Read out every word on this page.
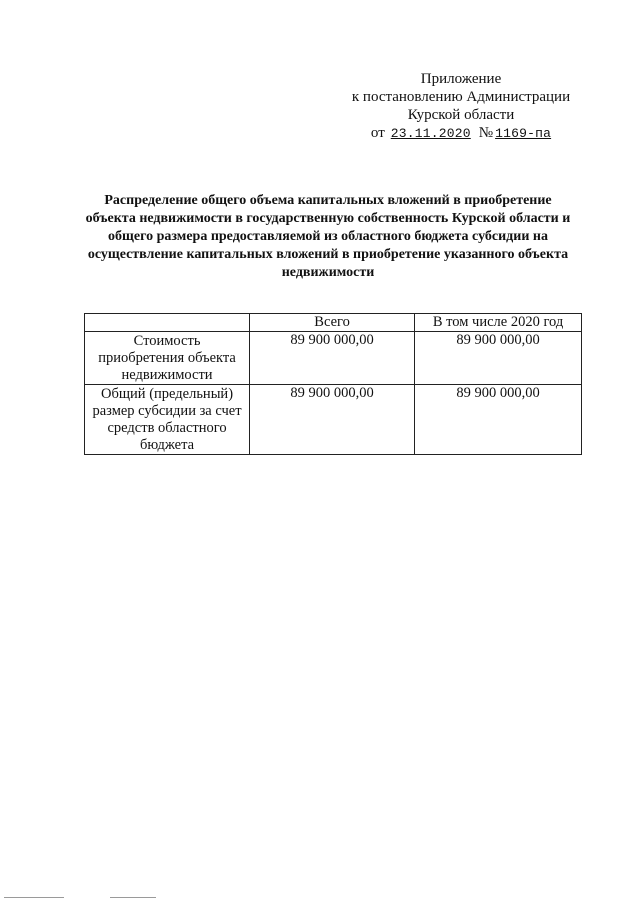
Приложение
к постановлению Администрации
Курской области
от 23.11.2020 № 1169-па
Распределение общего объема капитальных вложений в приобретение объекта недвижимости в государственную собственность Курской области и общего размера предоставляемой из областного бюджета субсидии на осуществление капитальных вложений в приобретение указанного объекта недвижимости
	Всего	В том числе 2020 год
Стоимость приобретения объекта недвижимости	89 900 000,00	89 900 000,00
Общий (предельный) размер субсидии за счет средств областного бюджета	89 900 000,00	89 900 000,00
